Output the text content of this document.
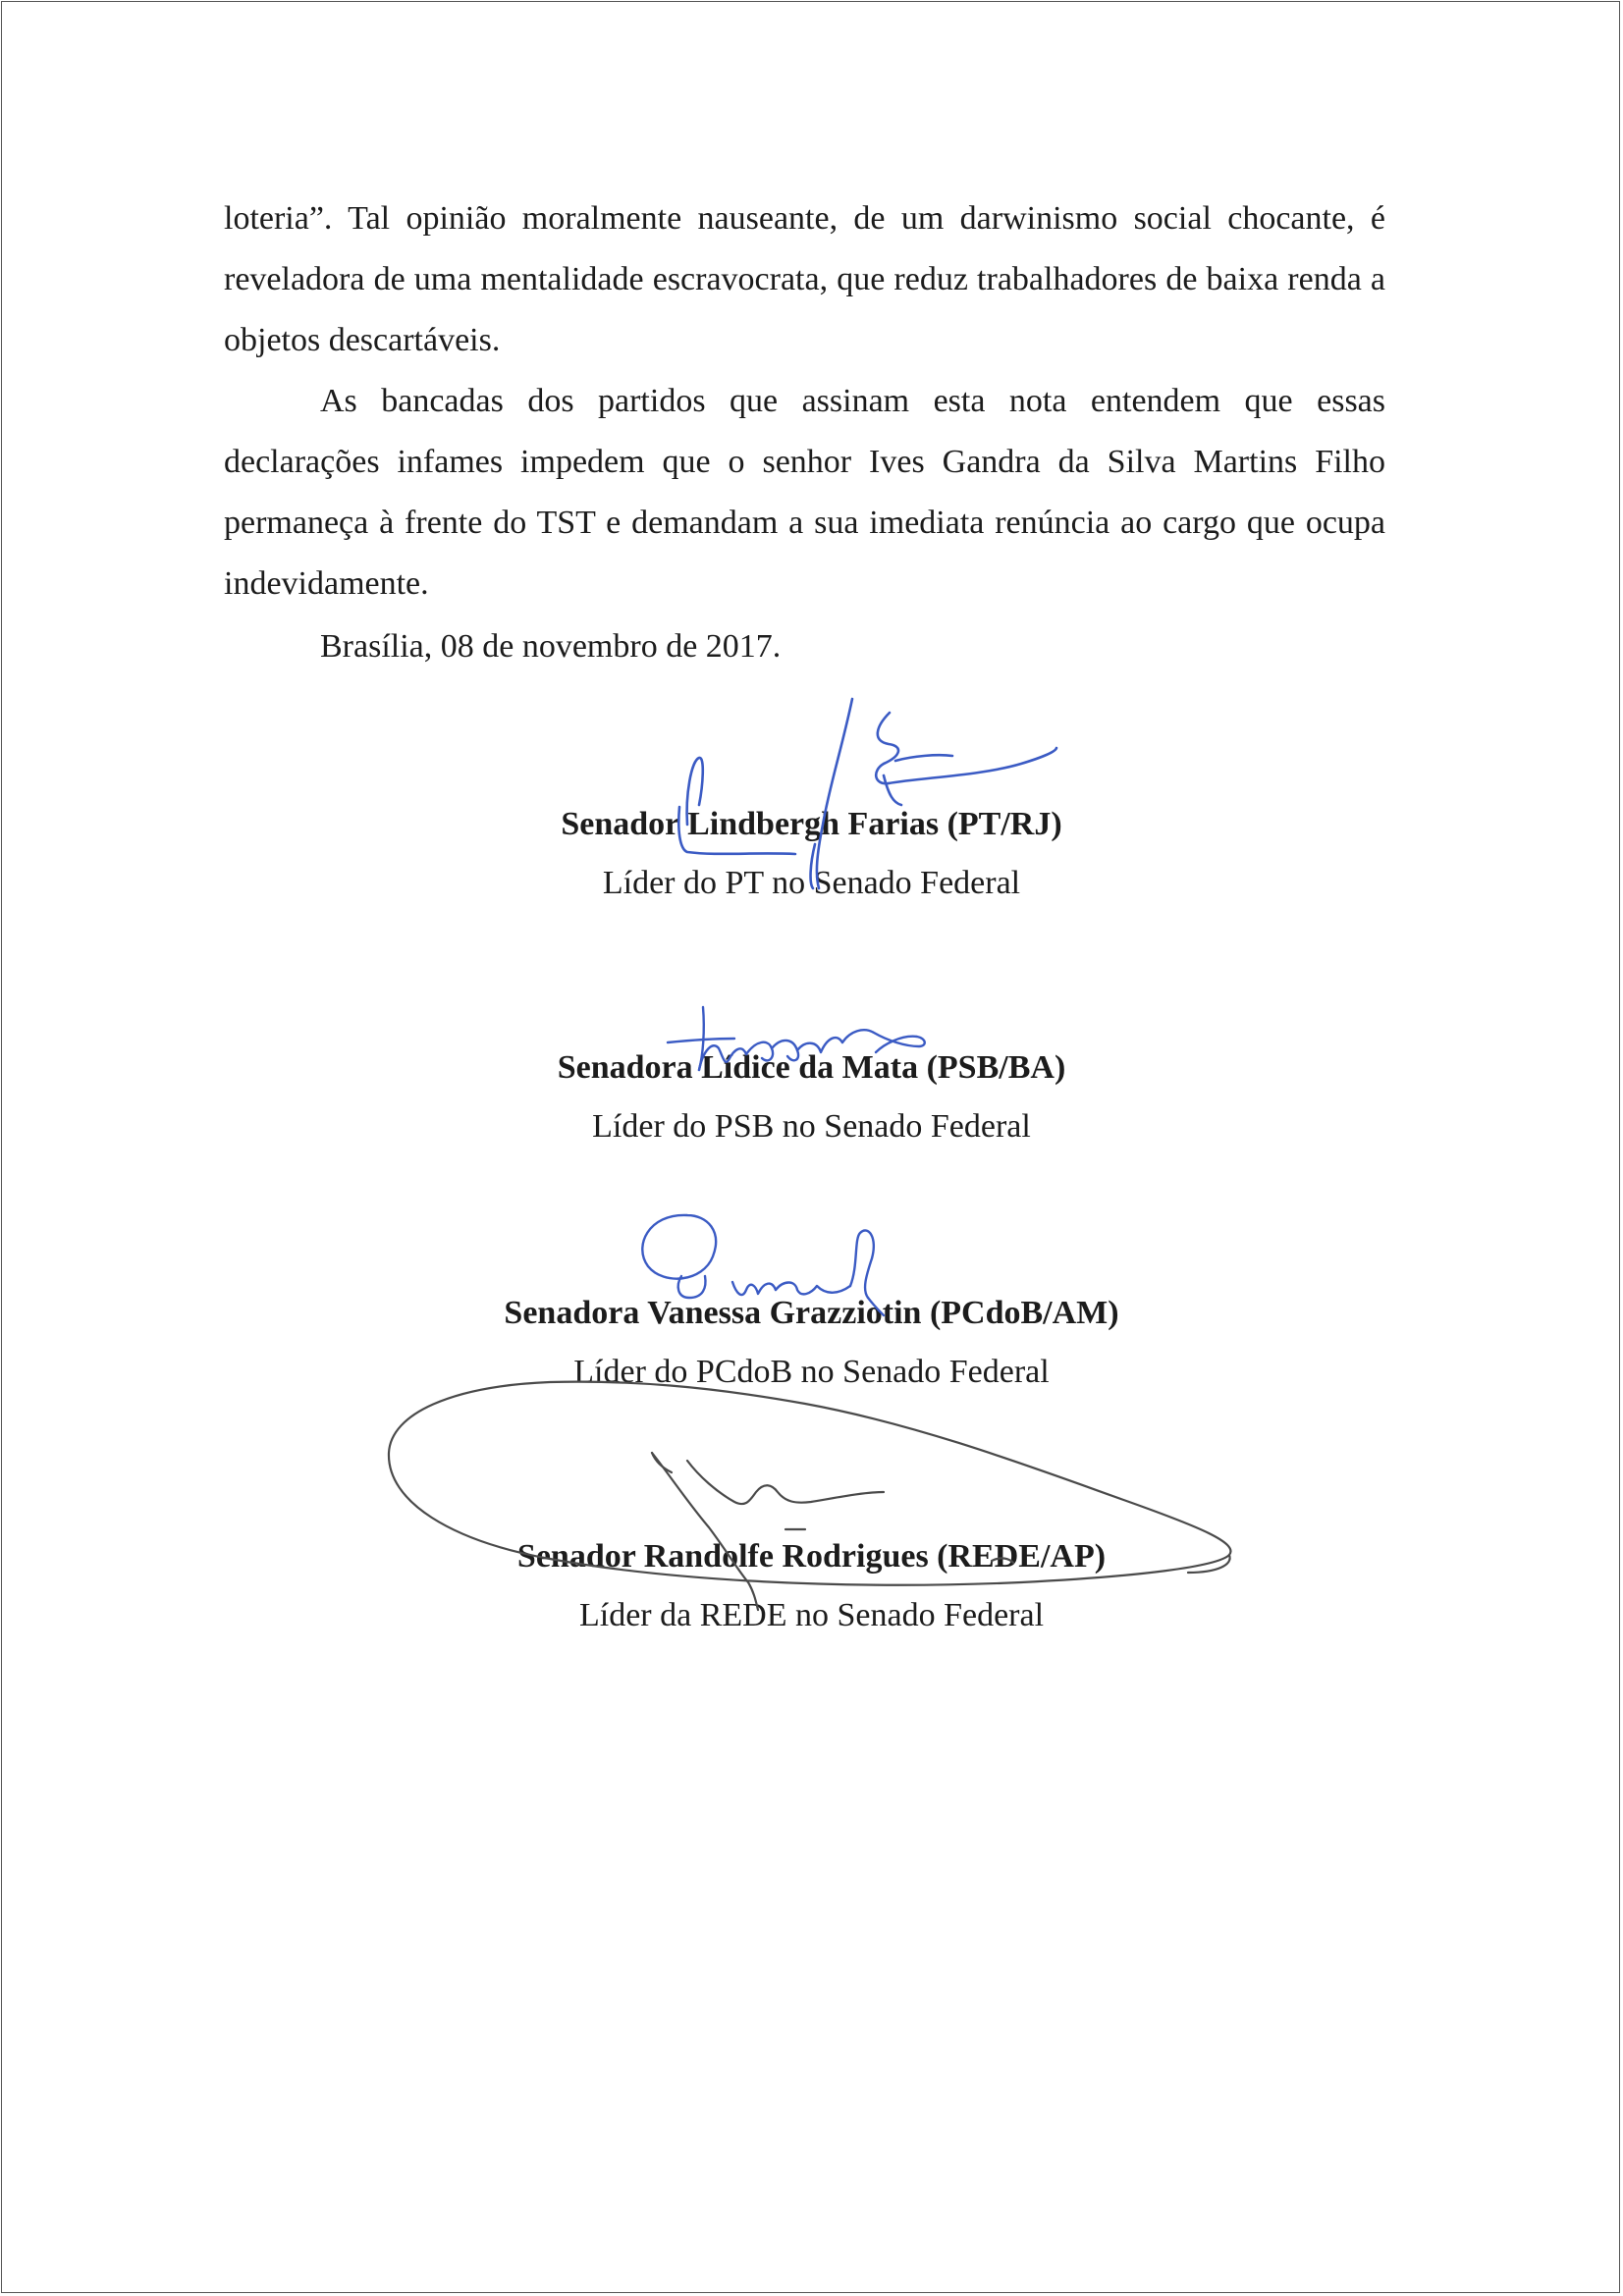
loteria”. Tal opinião moralmente nauseante, de um darwinismo social chocante, é reveladora de uma mentalidade escravocrata, que reduz trabalhadores de baixa renda a objetos descartáveis.

As bancadas dos partidos que assinam esta nota entendem que essas declarações infames impedem que o senhor Ives Gandra da Silva Martins Filho permaneça à frente do TST e demandam a sua imediata renúncia ao cargo que ocupa indevidamente.

Brasília, 08 de novembro de 2017.
Senador Lindbergh Farias (PT/RJ)
Líder do PT no Senado Federal
Senadora Lídice da Mata (PSB/BA)
Líder do PSB no Senado Federal
Senadora Vanessa Grazziotin (PCdoB/AM)
Líder do PCdoB no Senado Federal
Senador Randolfe Rodrigues (REDE/AP)
Líder da REDE no Senado Federal
